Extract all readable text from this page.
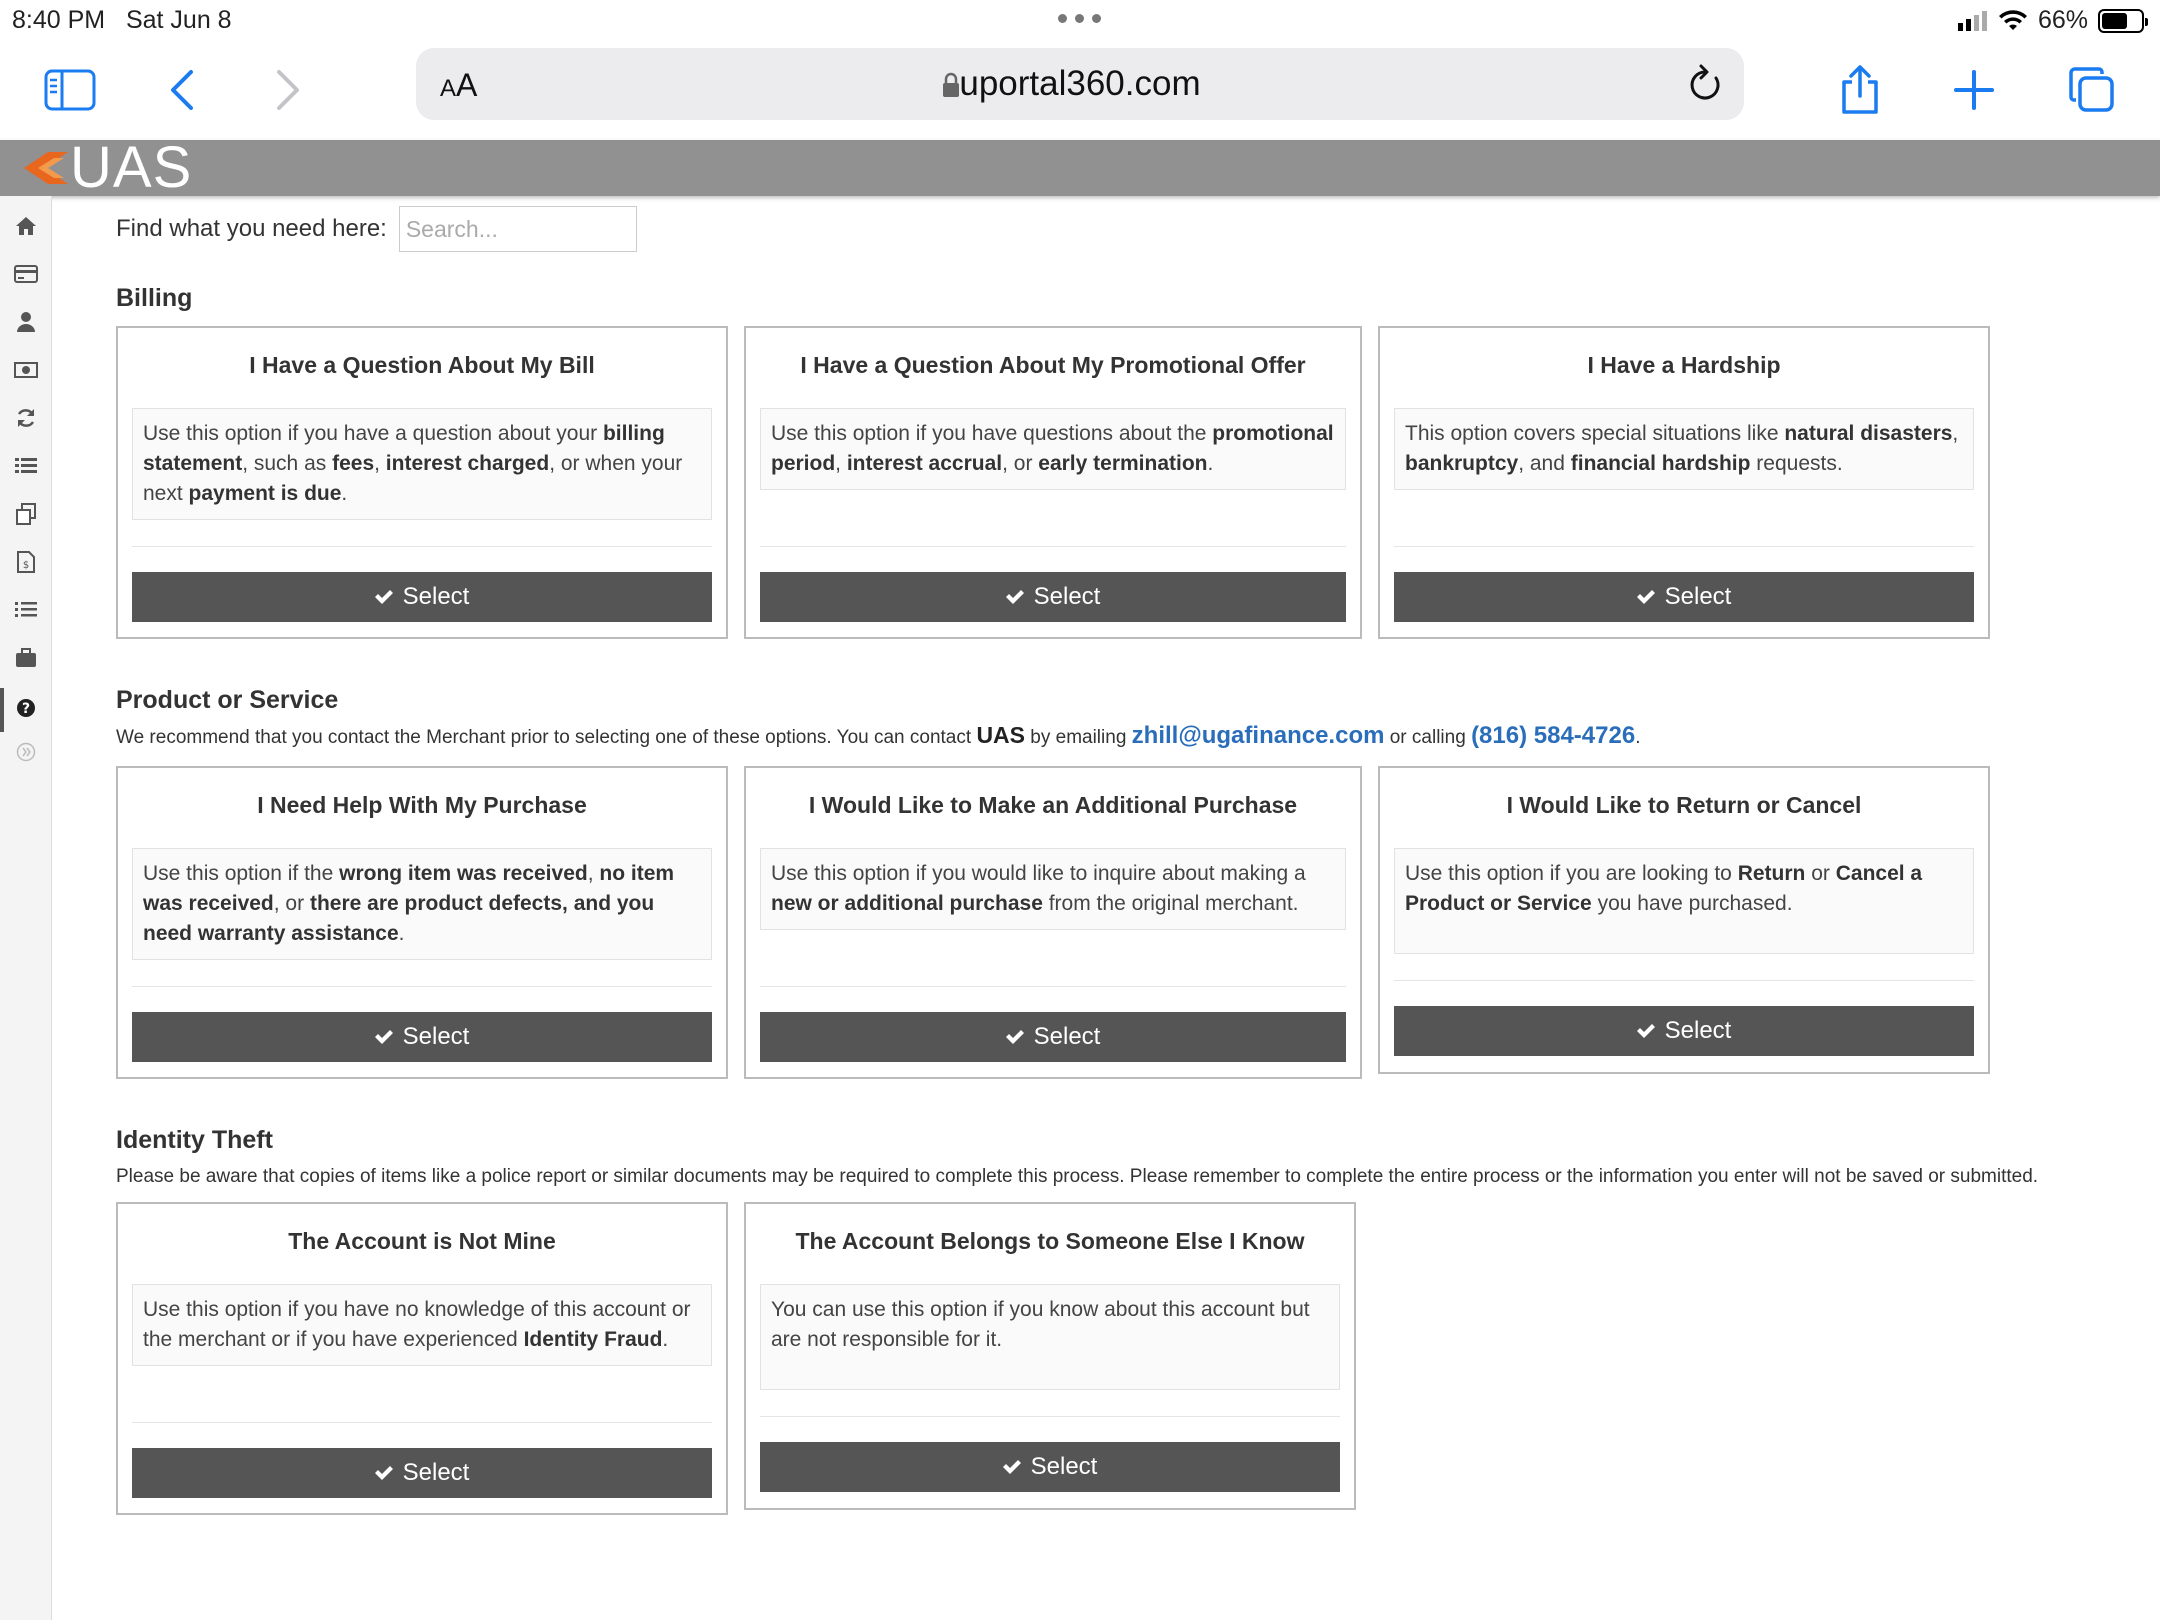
8:40 PM Sat Jun 8	66%
AA	uportal360.com
UAS
$
?
Find what you need here:
Search...
Billing
I Have a Question About My Bill
Use this option if you have a question about your billing statement, such as fees, interest charged, or when your next payment is due.
Select
I Have a Question About My Promotional Offer
Use this option if you have questions about the promotional period, interest accrual, or early termination.
Select
I Have a Hardship
This option covers special situations like natural disasters, bankruptcy, and financial hardship requests.
Select
Product or Service
We recommend that you contact the Merchant prior to selecting one of these options. You can contact UAS by emailing zhill@ugafinance.com or calling (816) 584-4726.
I Need Help With My Purchase
Use this option if the wrong item was received, no item was received, or there are product defects, and you need warranty assistance.
Select
I Would Like to Make an Additional Purchase
Use this option if you would like to inquire about making a new or additional purchase from the original merchant.
Select
I Would Like to Return or Cancel
Use this option if you are looking to Return or Cancel a Product or Service you have purchased.
Select
Identity Theft
Please be aware that copies of items like a police report or similar documents may be required to complete this process. Please remember to complete the entire process or the information you enter will not be saved or submitted.
The Account is Not Mine
Use this option if you have no knowledge of this account or the merchant or if you have experienced Identity Fraud.
Select
The Account Belongs to Someone Else I Know
You can use this option if you know about this account but are not responsible for it.
Select
